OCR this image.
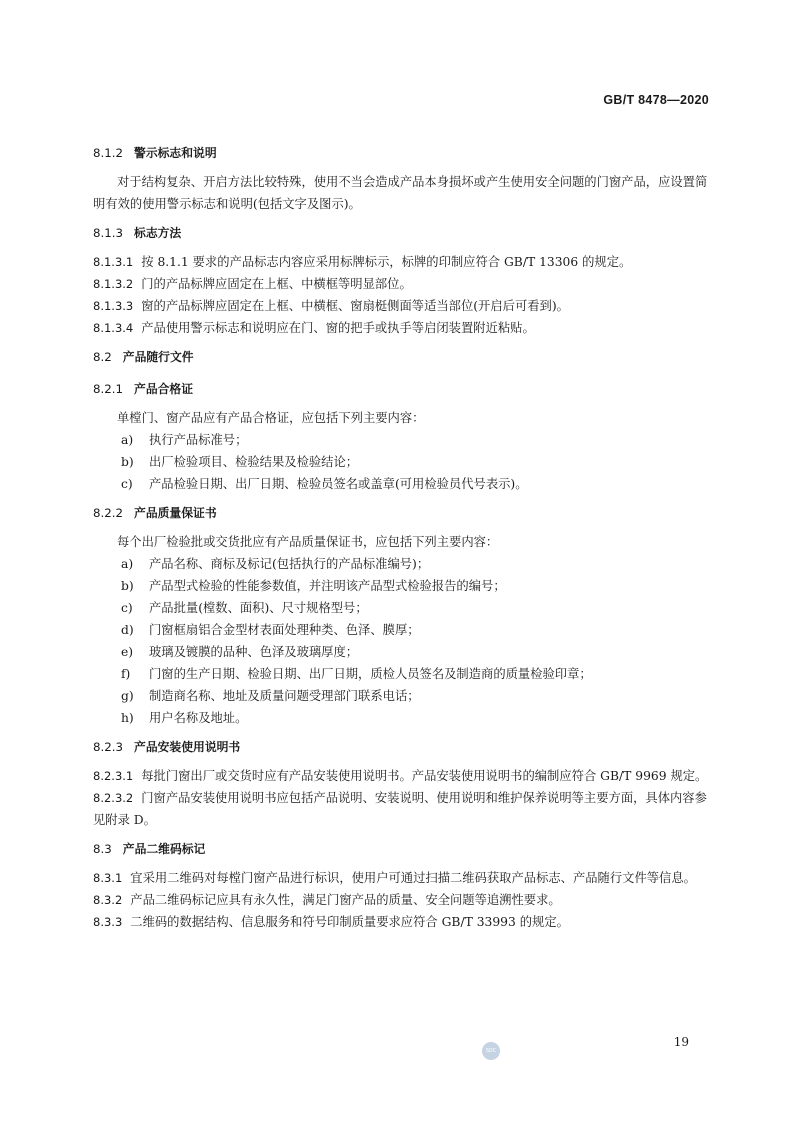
GB/T 8478—2020
8.1.2 警示标志和说明

对于结构复杂、开启方法比较特殊，使用不当会造成产品本身损坏或产生使用安全问题的门窗产品，应设置简明有效的使用警示标志和说明(包括文字及图示)。

8.1.3 标志方法

8.1.3.1 按 8.1.1 要求的产品标志内容应采用标牌标示，标牌的印制应符合 GB/T 13306 的规定。

8.1.3.2 门的产品标牌应固定在上框、中横框等明显部位。

8.1.3.3 窗的产品标牌应固定在上框、中横框、窗扇梃侧面等适当部位(开启后可看到)。

8.1.3.4 产品使用警示标志和说明应在门、窗的把手或执手等启闭装置附近粘贴。

8.2 产品随行文件
8.2.1 产品合格证

单樘门、窗产品应有产品合格证，应包括下列主要内容：

a)	执行产品标准号；

b)	出厂检验项目、检验结果及检验结论；

c)	产品检验日期、出厂日期、检验员签名或盖章(可用检验员代号表示)。

8.2.2 产品质量保证书

每个出厂检验批或交货批应有产品质量保证书，应包括下列主要内容：

a)	产品名称、商标及标记(包括执行的产品标准编号)；

b)	产品型式检验的性能参数值，并注明该产品型式检验报告的编号；

c)	产品批量(樘数、面积)、尺寸规格型号；

d)	门窗框扇铝合金型材表面处理种类、色泽、膜厚；

e)	玻璃及镀膜的品种、色泽及玻璃厚度；

f)	门窗的生产日期、检验日期、出厂日期，质检人员签名及制造商的质量检验印章；

g)	制造商名称、地址及质量问题受理部门联系电话；

h)	用户名称及地址。

8.2.3 产品安装使用说明书

8.2.3.1 每批门窗出厂或交货时应有产品安装使用说明书。产品安装使用说明书的编制应符合 GB/T 9969 规定。

8.2.3.2 门窗产品安装使用说明书应包括产品说明、安装说明、使用说明和维护保养说明等主要方面，具体内容参见附录 D。

8.3 产品二维码标记

8.3.1 宜采用二维码对每樘门窗产品进行标识，使用户可通过扫描二维码获取产品标志、产品随行文件等信息。

8.3.2 产品二维码标记应具有永久性，满足门窗产品的质量、安全问题等追溯性要求。

8.3.3 二维码的数据结构、信息服务和符号印制质量要求应符合 GB/T 33993 的规定。

19
SDC
